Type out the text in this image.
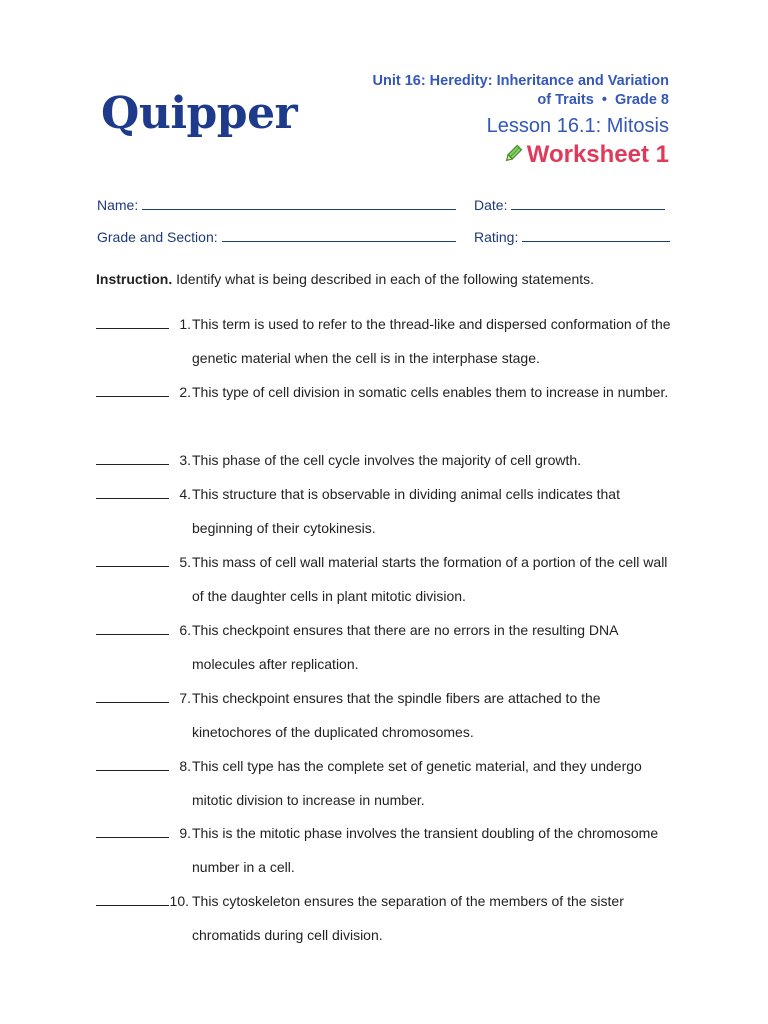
Quipper
Unit 16: Heredity: Inheritance and Variation
of Traits  •  Grade 8
Lesson 16.1: Mitosis
Worksheet 1
Name:	Date:
Grade and Section:	Rating:
Instruction. Identify what is being described in each of the following statements.
1. This term is used to refer to the thread-like and dispersed conformation of the genetic material when the cell is in the interphase stage.
2. This type of cell division in somatic cells enables them to increase in number.
3. This phase of the cell cycle involves the majority of cell growth.
4. This structure that is observable in dividing animal cells indicates that beginning of their cytokinesis.
5. This mass of cell wall material starts the formation of a portion of the cell wall of the daughter cells in plant mitotic division.
6. This checkpoint ensures that there are no errors in the resulting DNA molecules after replication.
7. This checkpoint ensures that the spindle fibers are attached to the kinetochores of the duplicated chromosomes.
8. This cell type has the complete set of genetic material, and they undergo mitotic division to increase in number.
9. This is the mitotic phase involves the transient doubling of the chromosome number in a cell.
10. This cytoskeleton ensures the separation of the members of the sister chromatids during cell division.
